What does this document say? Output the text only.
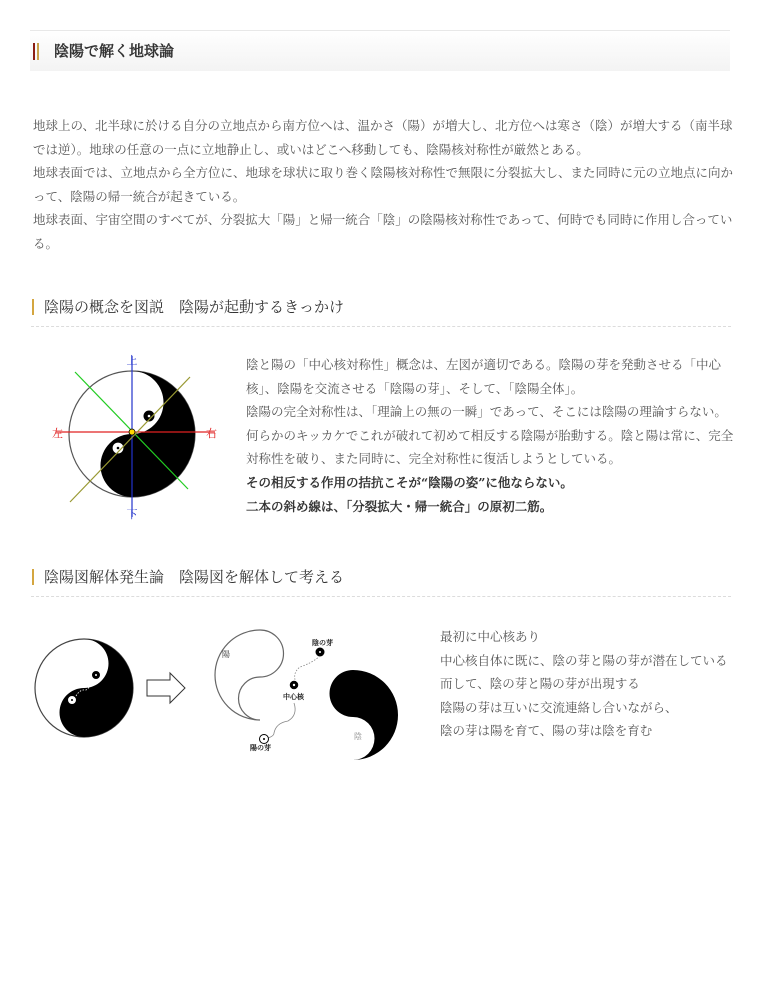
陰陽で解く地球論

地球上の、北半球に於ける自分の立地点から南方位へは、温かさ（陽）が増大し、北方位へは寒さ（陰）が増大する（南半球では逆）。地球の任意の一点に立地静止し、或いはどこへ移動しても、陰陽核対称性が厳然とある。

地球表面では、立地点から全方位に、地球を球状に取り巻く陰陽核対称性で無限に分裂拡大し、また同時に元の立地点に向かって、陰陽の帰一統合が起きている。

地球表面、宇宙空間のすべてが、分裂拡大「陽」と帰一統合「陰」の陰陽核対称性であって、何時でも同時に作用し合っている。

陰陽の概念を図説　陰陽が起動するきっかけ
上
下
左	右

陰と陽の「中心核対称性」概念は、左図が適切である。陰陽の芽を発動させる「中心核」、陰陽を交流させる「陰陽の芽」、そして、「陰陽全体」。

陰陽の完全対称性は、「理論上の無の一瞬」であって、そこには陰陽の理論すらない。何らかのキッカケでこれが破れて初めて相反する陰陽が胎動する。陰と陽は常に、完全対称性を破り、また同時に、完全対称性に復活しようとしている。

その相反する作用の拮抗こそが“陰陽の姿”に他ならない。

二本の斜め線は、「分裂拡大・帰一統合」の原初二筋。

陰陽図解体発生論　陰陽図を解体して考える
陽
陰
陰の芽
中心核
陽の芽

最初に中心核あり

中心核自体に既に、陰の芽と陽の芽が潜在している

而して、陰の芽と陽の芽が出現する

陰陽の芽は互いに交流連絡し合いながら、

陰の芽は陽を育て、陽の芽は陰を育む
